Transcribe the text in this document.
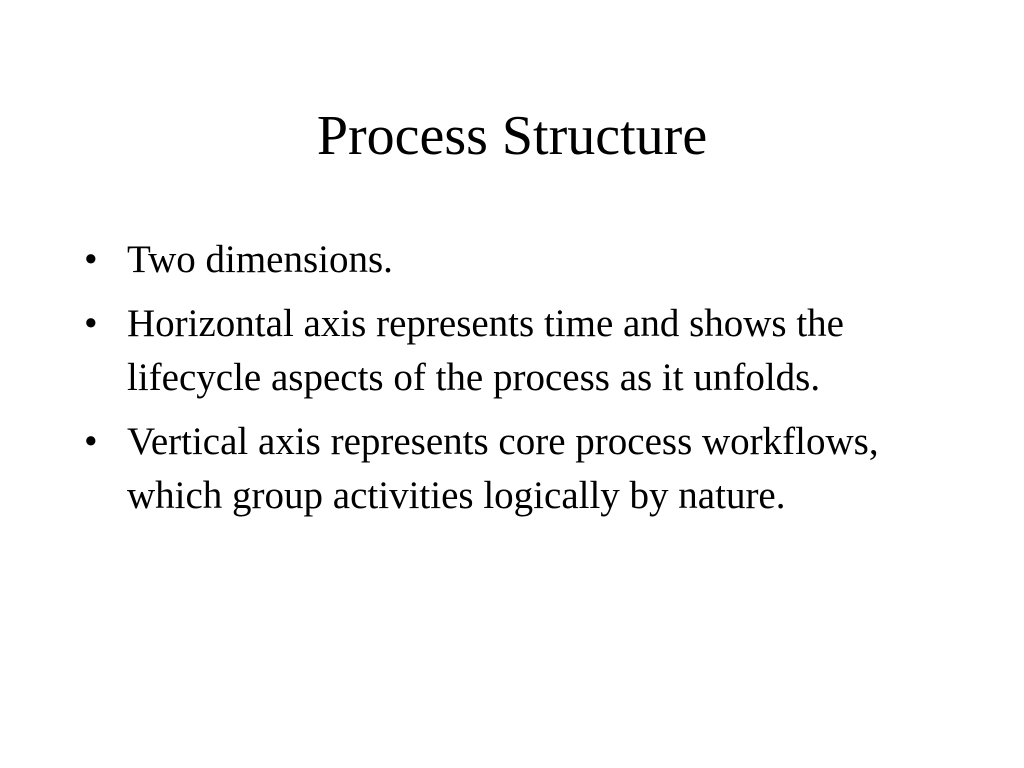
Process Structure
• Two dimensions.
• Horizontal axis represents time and shows the lifecycle aspects of the process as it unfolds.
• Vertical axis represents core process workflows, which group activities logically by nature.
